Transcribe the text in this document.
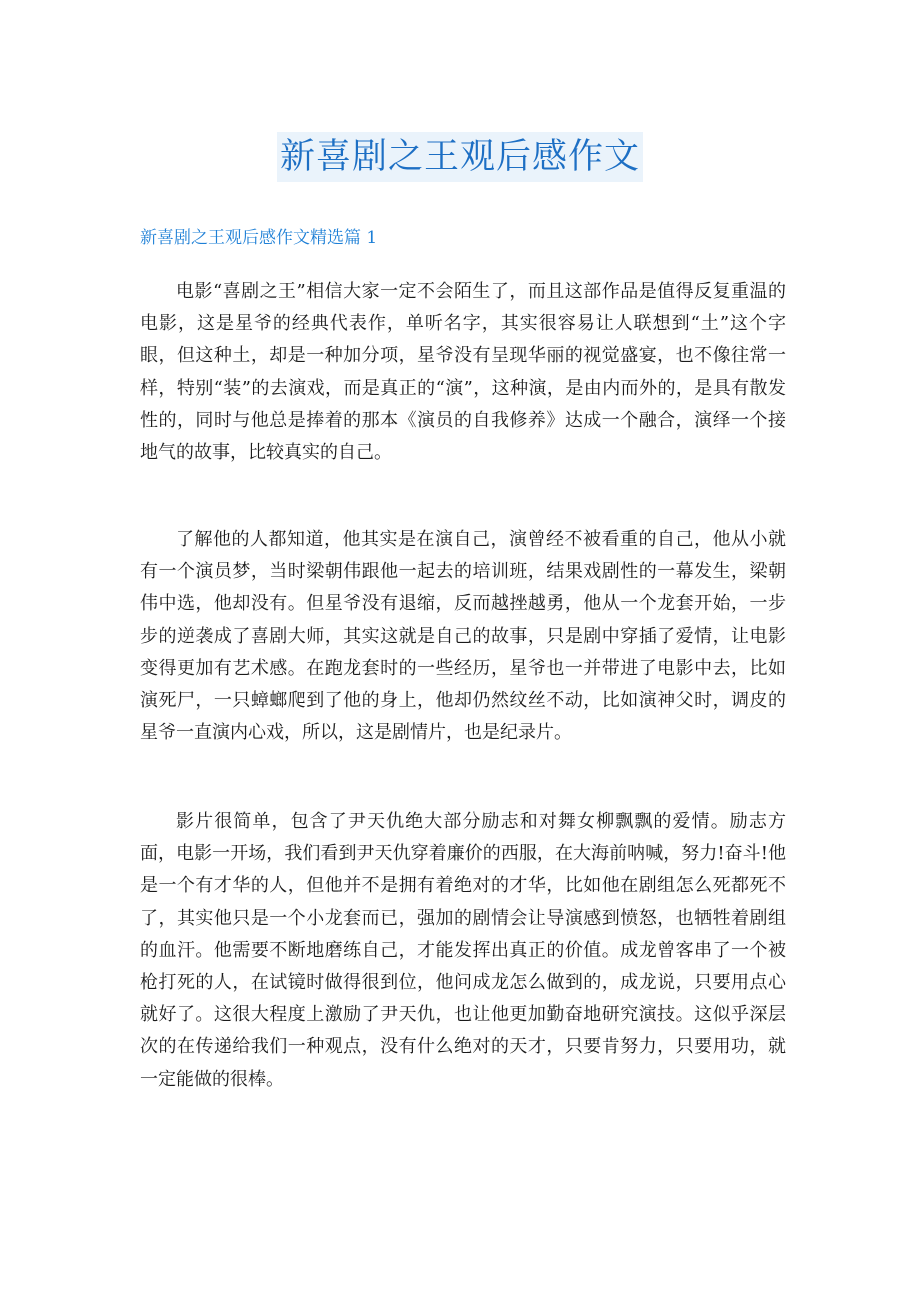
新喜剧之王观后感作文
新喜剧之王观后感作文精选篇 1

电影“喜剧之王”相信大家一定不会陌生了，而且这部作品是值得反复重温的电影，这是星爷的经典代表作，单听名字，其实很容易让人联想到“土”这个字眼，但这种土，却是一种加分项，星爷没有呈现华丽的视觉盛宴，也不像往常一样，特别“装”的去演戏，而是真正的“演”，这种演，是由内而外的，是具有散发性的，同时与他总是捧着的那本《演员的自我修养》达成一个融合，演绎一个接地气的故事，比较真实的自己。

了解他的人都知道，他其实是在演自己，演曾经不被看重的自己，他从小就有一个演员梦，当时梁朝伟跟他一起去的培训班，结果戏剧性的一幕发生，梁朝伟中选，他却没有。但星爷没有退缩，反而越挫越勇，他从一个龙套开始，一步步的逆袭成了喜剧大师，其实这就是自己的故事，只是剧中穿插了爱情，让电影变得更加有艺术感。在跑龙套时的一些经历，星爷也一并带进了电影中去，比如演死尸，一只蟑螂爬到了他的身上，他却仍然纹丝不动，比如演神父时，调皮的星爷一直演内心戏，所以，这是剧情片，也是纪录片。

影片很简单，包含了尹天仇绝大部分励志和对舞女柳飘飘的爱情。励志方面，电影一开场，我们看到尹天仇穿着廉价的西服，在大海前呐喊，努力!奋斗!他是一个有才华的人，但他并不是拥有着绝对的才华，比如他在剧组怎么死都死不了，其实他只是一个小龙套而已，强加的剧情会让导演感到愤怒，也牺牲着剧组的血汗。他需要不断地磨练自己，才能发挥出真正的价值。成龙曾客串了一个被枪打死的人，在试镜时做得很到位，他问成龙怎么做到的，成龙说，只要用点心就好了。这很大程度上激励了尹天仇，也让他更加勤奋地研究演技。这似乎深层次的在传递给我们一种观点，没有什么绝对的天才，只要肯努力，只要用功，就一定能做的很棒。
